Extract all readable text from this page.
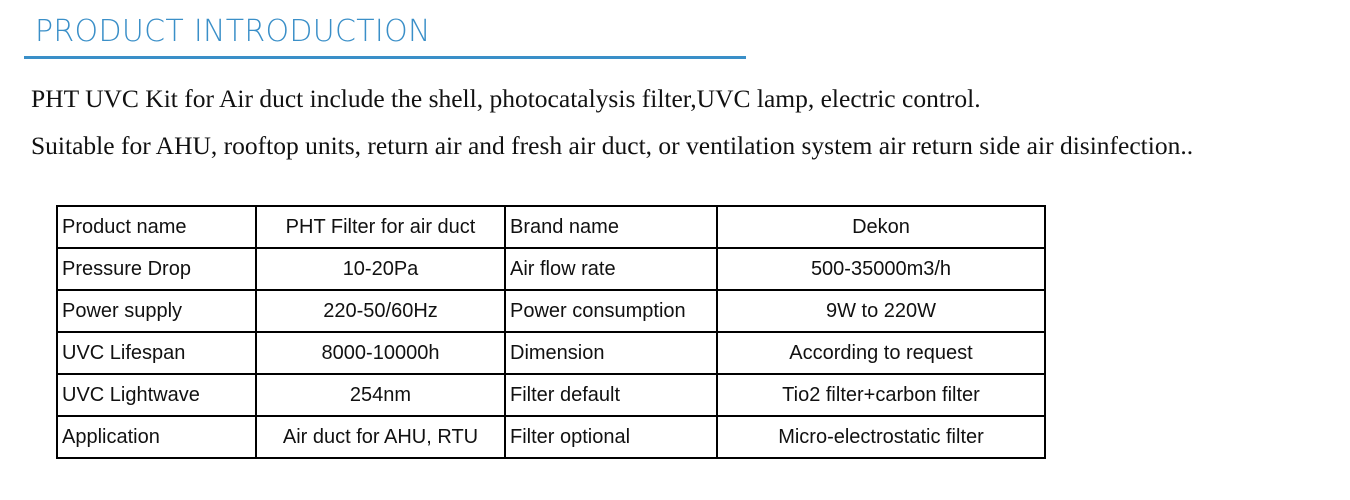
PRODUCT INTRODUCTION
PHT UVC Kit for Air duct include the shell, photocatalysis filter,UVC lamp, electric control.
Suitable for AHU, rooftop units, return air and fresh air duct, or ventilation system air return side air disinfection..
Product name	PHT Filter for air duct	Brand name	Dekon
Pressure Drop	10-20Pa	Air flow rate	500-35000m3/h
Power supply	220-50/60Hz	Power consumption	9W to 220W
UVC Lifespan	8000-10000h	Dimension	According to request
UVC Lightwave	254nm	Filter default	Tio2 filter+carbon filter
Application	Air duct for AHU, RTU	Filter optional	Micro-electrostatic filter
